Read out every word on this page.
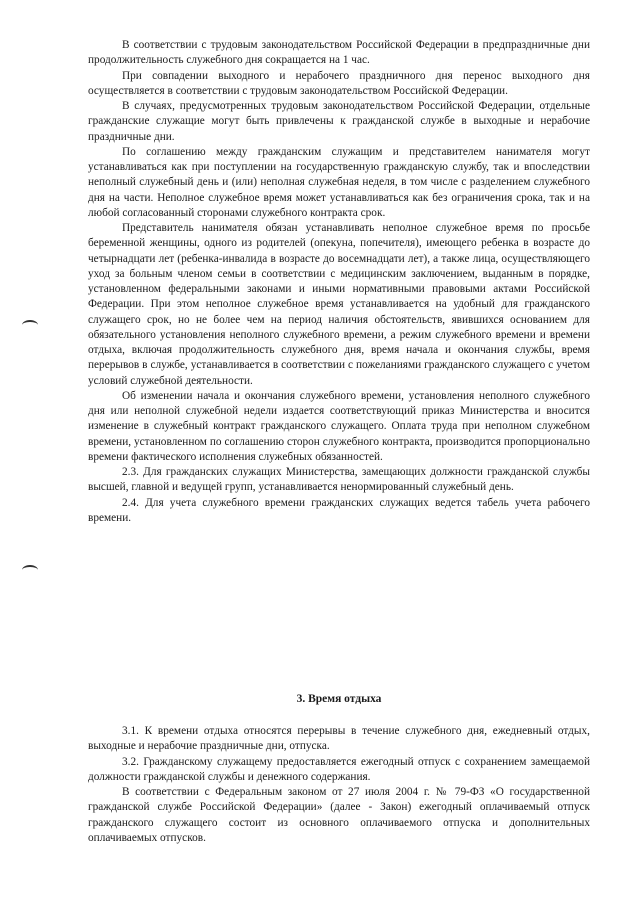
В соответствии с трудовым законодательством Российской Федерации в предпраздничные дни продолжительность служебного дня сокращается на 1 час.

При совпадении выходного и нерабочего праздничного дня перенос выходного дня осуществляется в соответствии с трудовым законодательством Российской Федерации.

В случаях, предусмотренных трудовым законодательством Российской Федерации, отдельные гражданские служащие могут быть привлечены к гражданской службе в выходные и нерабочие праздничные дни.

По соглашению между гражданским служащим и представителем нанимателя могут устанавливаться как при поступлении на государственную гражданскую службу, так и впоследствии неполный служебный день и (или) неполная служебная неделя, в том числе с разделением служебного дня на части. Неполное служебное время может устанавливаться как без ограничения срока, так и на любой согласованный сторонами служебного контракта срок.

Представитель нанимателя обязан устанавливать неполное служебное время по просьбе беременной женщины, одного из родителей (опекуна, попечителя), имеющего ребенка в возрасте до четырнадцати лет (ребенка-инвалида в возрасте до восемнадцати лет), а также лица, осуществляющего уход за больным членом семьи в соответствии с медицинским заключением, выданным в порядке, установленном федеральными законами и иными нормативными правовыми актами Российской Федерации. При этом неполное служебное время устанавливается на удобный для гражданского служащего срок, но не более чем на период наличия обстоятельств, явившихся основанием для обязательного установления неполного служебного времени, а режим служебного времени и времени отдыха, включая продолжительность служебного дня, время начала и окончания службы, время перерывов в службе, устанавливается в соответствии с пожеланиями гражданского служащего с учетом условий служебной деятельности.

Об изменении начала и окончания служебного времени, установления неполного служебного дня или неполной служебной недели издается соответствующий приказ Министерства и вносится изменение в служебный контракт гражданского служащего. Оплата труда при неполном служебном времени, установленном по соглашению сторон служебного контракта, производится пропорционально времени фактического исполнения служебных обязанностей.

2.3. Для гражданских служащих Министерства, замещающих должности гражданской службы высшей, главной и ведущей групп, устанавливается ненормированный служебный день.

2.4. Для учета служебного времени гражданских служащих ведется табель учета рабочего времени.

3. Время отдыха

3.1. К времени отдыха относятся перерывы в течение служебного дня, ежедневный отдых, выходные и нерабочие праздничные дни, отпуска.

3.2. Гражданскому служащему предоставляется ежегодный отпуск с сохранением замещаемой должности гражданской службы и денежного содержания.

В соответствии с Федеральным законом от 27 июля 2004 г. № 79-ФЗ «О государственной гражданской службе Российской Федерации» (далее - Закон) ежегодный оплачиваемый отпуск гражданского служащего состоит из основного оплачиваемого отпуска и дополнительных оплачиваемых отпусков.
